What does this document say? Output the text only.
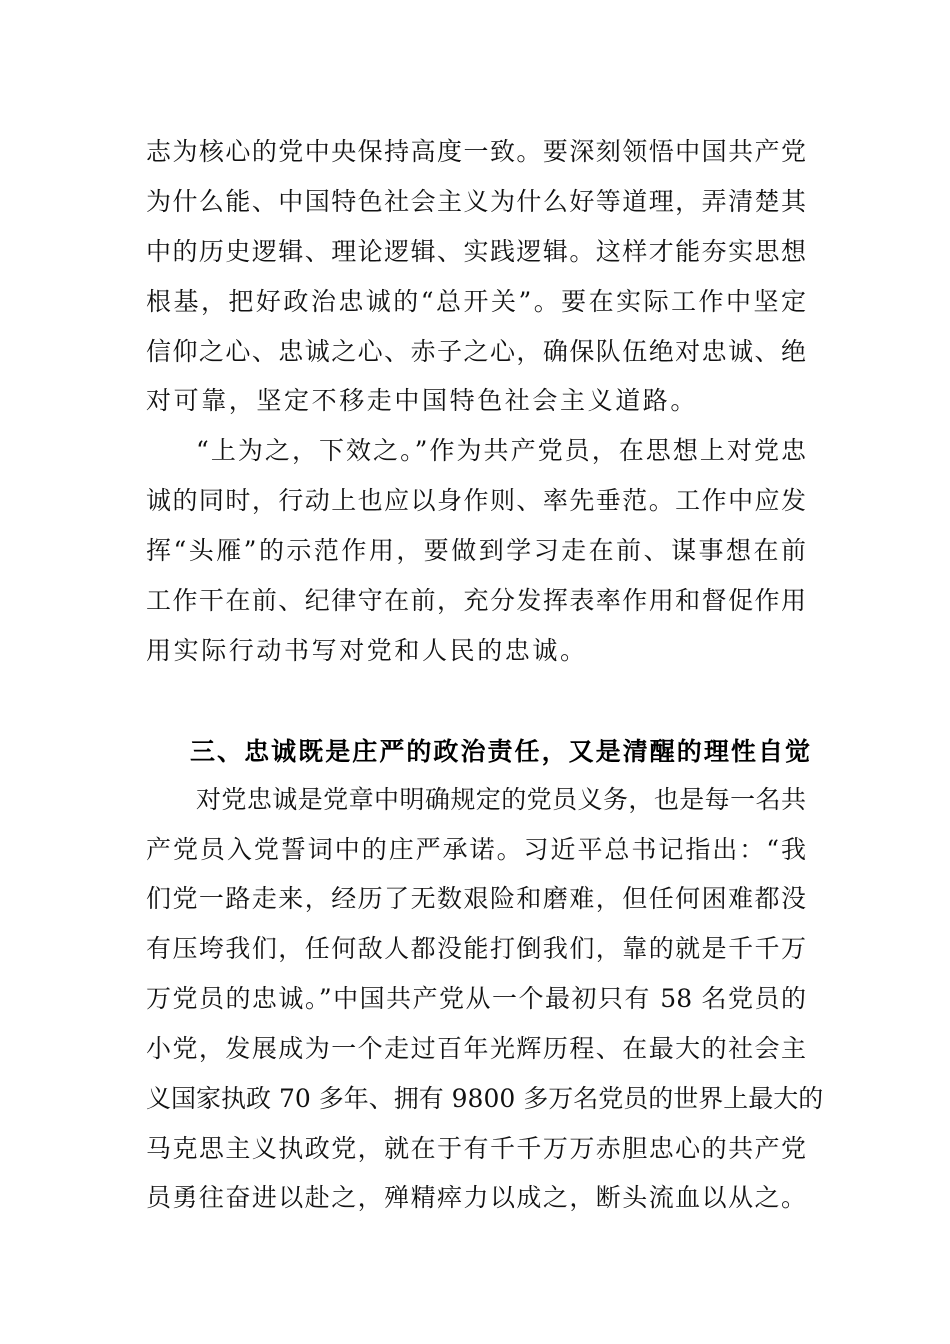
志为核心的党中央保持高度一致。要深刻领悟中国共产党
为什么能、中国特色社会主义为什么好等道理，弄清楚其
中的历史逻辑、理论逻辑、实践逻辑。这样才能夯实思想
根基，把好政治忠诚的“总开关”。要在实际工作中坚定
信仰之心、忠诚之心、赤子之心，确保队伍绝对忠诚、绝
对可靠，坚定不移走中国特色社会主义道路。
“上为之，下效之。”作为共产党员，在思想上对党忠
诚的同时，行动上也应以身作则、率先垂范。工作中应发
挥“头雁”的示范作用，要做到学习走在前、谋事想在前
工作干在前、纪律守在前，充分发挥表率作用和督促作用
用实际行动书写对党和人民的忠诚。
三、忠诚既是庄严的政治责任，又是清醒的理性自觉
对党忠诚是党章中明确规定的党员义务，也是每一名共
产党员入党誓词中的庄严承诺。习近平总书记指出：“我
们党一路走来，经历了无数艰险和磨难，但任何困难都没
有压垮我们，任何敌人都没能打倒我们，靠的就是千千万
万党员的忠诚。”中国共产党从一个最初只有 58 名党员的
小党，发展成为一个走过百年光辉历程、在最大的社会主
义国家执政 70 多年、拥有 9800 多万名党员的世界上最大的
马克思主义执政党，就在于有千千万万赤胆忠心的共产党
员勇往奋进以赴之，殚精瘁力以成之，断头流血以从之。
